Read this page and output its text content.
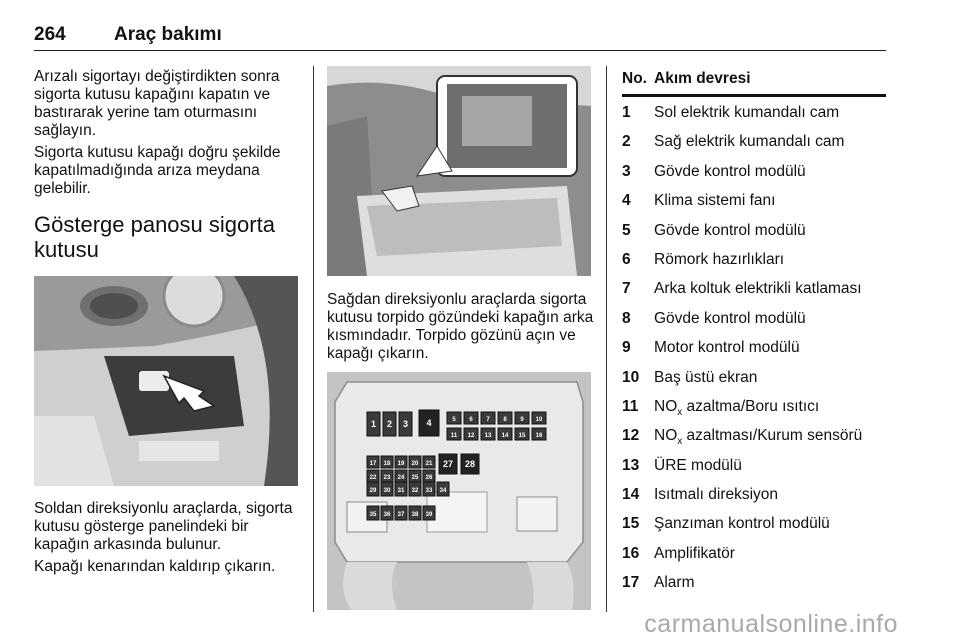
264	Araç bakımı

Arızalı sigortayı değiştirdikten sonra sigorta kutusu kapağını kapatın ve bastırarak yerine tam oturmasını sağlayın.

Sigorta kutusu kapağı doğru şekilde kapatılmadığında arıza meydana gelebilir.

Gösterge panosu sigorta kutusu

Soldan direksiyonlu araçlarda, sigorta kutusu gösterge panelindeki bir kapağın arkasında bulunur.

Kapağı kenarından kaldırıp çıkarın.

Sağdan direksiyonlu araçlarda sigorta kutusu torpido gözündeki kapağın arka kısmındadır. Torpido gözünü açın ve kapağı çıkarın.

1 2 3 4	5 6 7 8 9 10
11 12 13 14 15 16
17 18 19 20 21
22 23 24 25 26
27 28
29 30 31 32 33 34
35 36 37 38 39
No. Akım devresi
1 Sol elektrik kumandalı cam
2 Sağ elektrik kumandalı cam
3 Gövde kontrol modülü
4 Klima sistemi fanı
5 Gövde kontrol modülü
6 Römork hazırlıkları
7 Arka koltuk elektrikli katlaması
8 Gövde kontrol modülü
9 Motor kontrol modülü
10 Baş üstü ekran
11 $NO_x$ azaltma/Boru ısıtıcı
12 $NO_x$ azaltması/Kurum sensörü
13 ÜRE modülü
14 Isıtmalı direksiyon
15 Şanzıman kontrol modülü
16 Amplifikatör
17 Alarm
carmanualsonline.info
